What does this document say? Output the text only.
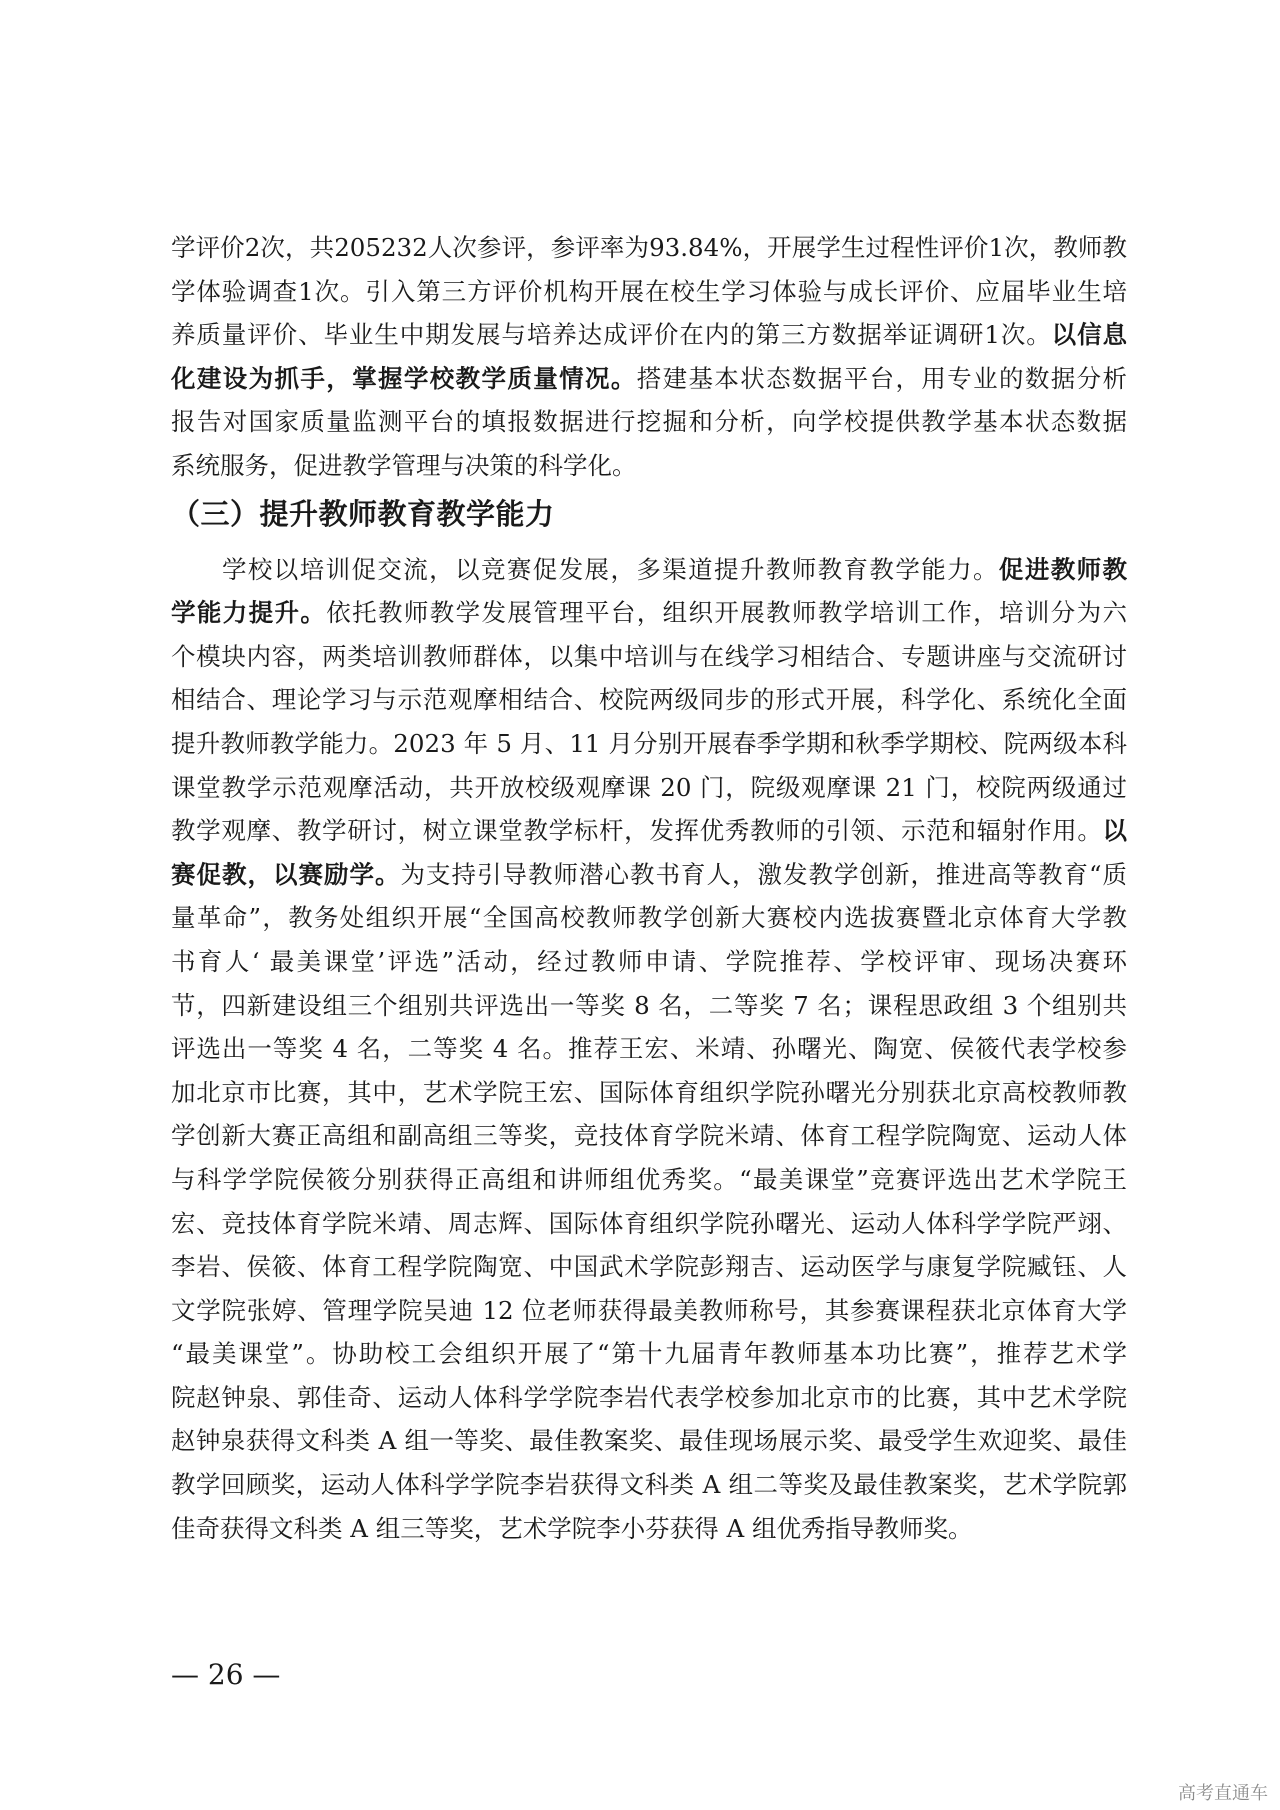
学评价2次，共205232人次参评，参评率为93.84%，开展学生过程性评价1次，教师教
学体验调查1次。引入第三方评价机构开展在校生学习体验与成长评价、应届毕业生培
养质量评价、毕业生中期发展与培养达成评价在内的第三方数据举证调研1次。以信息
化建设为抓手，掌握学校教学质量情况。搭建基本状态数据平台，用专业的数据分析
报告对国家质量监测平台的填报数据进行挖掘和分析，向学校提供教学基本状态数据
系统服务，促进教学管理与决策的科学化。
（三）提升教师教育教学能力
学校以培训促交流，以竞赛促发展，多渠道提升教师教育教学能力。促进教师教
学能力提升。依托教师教学发展管理平台，组织开展教师教学培训工作，培训分为六
个模块内容，两类培训教师群体，以集中培训与在线学习相结合、专题讲座与交流研讨
相结合、理论学习与示范观摩相结合、校院两级同步的形式开展，科学化、系统化全面
提升教师教学能力。2023 年 5 月、11 月分别开展春季学期和秋季学期校、院两级本科
课堂教学示范观摩活动，共开放校级观摩课 20 门，院级观摩课 21 门，校院两级通过
教学观摩、教学研讨，树立课堂教学标杆，发挥优秀教师的引领、示范和辐射作用。以
赛促教，以赛励学。为支持引导教师潜心教书育人，激发教学创新，推进高等教育“质
量革命”，教务处组织开展“全国高校教师教学创新大赛校内选拔赛暨北京体育大学教
书育人‘ 最美课堂’评选”活动，经过教师申请、学院推荐、学校评审、现场决赛环
节，四新建设组三个组别共评选出一等奖 8 名，二等奖 7 名；课程思政组 3 个组别共
评选出一等奖 4 名，二等奖 4 名。推荐王宏、米靖、孙曙光、陶宽、侯筱代表学校参
加北京市比赛，其中，艺术学院王宏、国际体育组织学院孙曙光分别获北京高校教师教
学创新大赛正高组和副高组三等奖，竞技体育学院米靖、体育工程学院陶宽、运动人体
与科学学院侯筱分别获得正高组和讲师组优秀奖。“最美课堂”竞赛评选出艺术学院王
宏、竞技体育学院米靖、周志辉、国际体育组织学院孙曙光、运动人体科学学院严翊、
李岩、侯筱、体育工程学院陶宽、中国武术学院彭翔吉、运动医学与康复学院臧钰、人
文学院张婷、管理学院吴迪 12 位老师获得最美教师称号，其参赛课程获北京体育大学
“最美课堂”。协助校工会组织开展了“第十九届青年教师基本功比赛”，推荐艺术学
院赵钟泉、郭佳奇、运动人体科学学院李岩代表学校参加北京市的比赛，其中艺术学院
赵钟泉获得文科类 A 组一等奖、最佳教案奖、最佳现场展示奖、最受学生欢迎奖、最佳
教学回顾奖，运动人体科学学院李岩获得文科类 A 组二等奖及最佳教案奖，艺术学院郭
佳奇获得文科类 A 组三等奖，艺术学院李小芬获得 A 组优秀指导教师奖。
— 26 —
高考直通车
